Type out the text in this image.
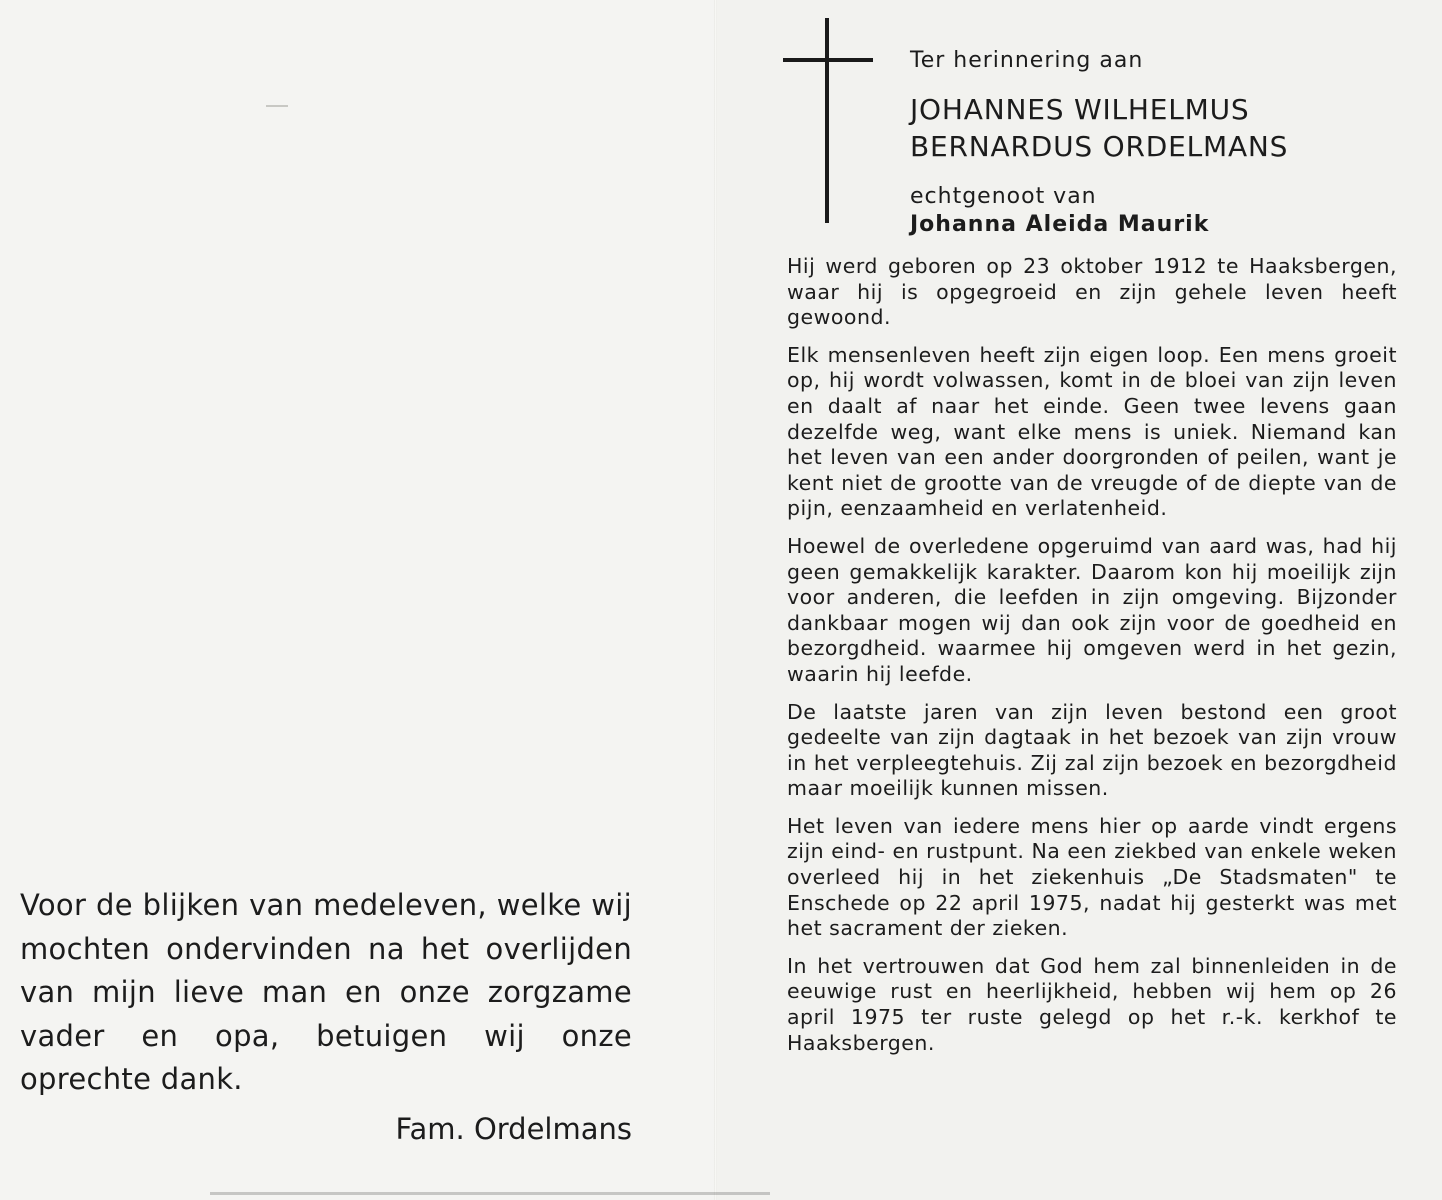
Ter herinnering aan

JOHANNES WILHELMUS

BERNARDUS ORDELMANS

echtgenoot van

Johanna Aleida Maurik

Hij werd geboren op 23 oktober 1912 te Haaksbergen, waar hij is opgegroeid en zijn gehele leven heeft gewoond.

Elk mensenleven heeft zijn eigen loop. Een mens groeit op, hij wordt volwassen, komt in de bloei van zijn leven en daalt af naar het einde. Geen twee levens gaan dezelfde weg, want elke mens is uniek. Niemand kan het leven van een ander doorgronden of peilen, want je kent niet de grootte van de vreugde of de diepte van de pijn, eenzaamheid en verlatenheid.

Hoewel de overledene opgeruimd van aard was, had hij geen gemakkelijk karakter. Daarom kon hij moeilijk zijn voor anderen, die leefden in zijn omgeving. Bijzonder dankbaar mogen wij dan ook zijn voor de goedheid en bezorgdheid. waarmee hij omgeven werd in het gezin, waarin hij leefde.

De laatste jaren van zijn leven bestond een groot gedeelte van zijn dagtaak in het bezoek van zijn vrouw in het verpleegtehuis. Zij zal zijn bezoek en bezorgdheid maar moeilijk kunnen missen.

Het leven van iedere mens hier op aarde vindt ergens zijn eind- en rustpunt. Na een ziekbed van enkele weken overleed hij in het ziekenhuis „De Stadsmaten" te Enschede op 22 april 1975, nadat hij gesterkt was met het sacrament der zieken.

In het vertrouwen dat God hem zal binnenleiden in de eeuwige rust en heerlijkheid, hebben wij hem op 26 april 1975 ter ruste gelegd op het r.-k. kerkhof te Haaksbergen.

Voor de blijken van medeleven, welke wij mochten ondervinden na het overlijden van mijn lieve man en onze zorgzame vader en opa, betuigen wij onze oprechte dank.

Fam. Ordelmans
